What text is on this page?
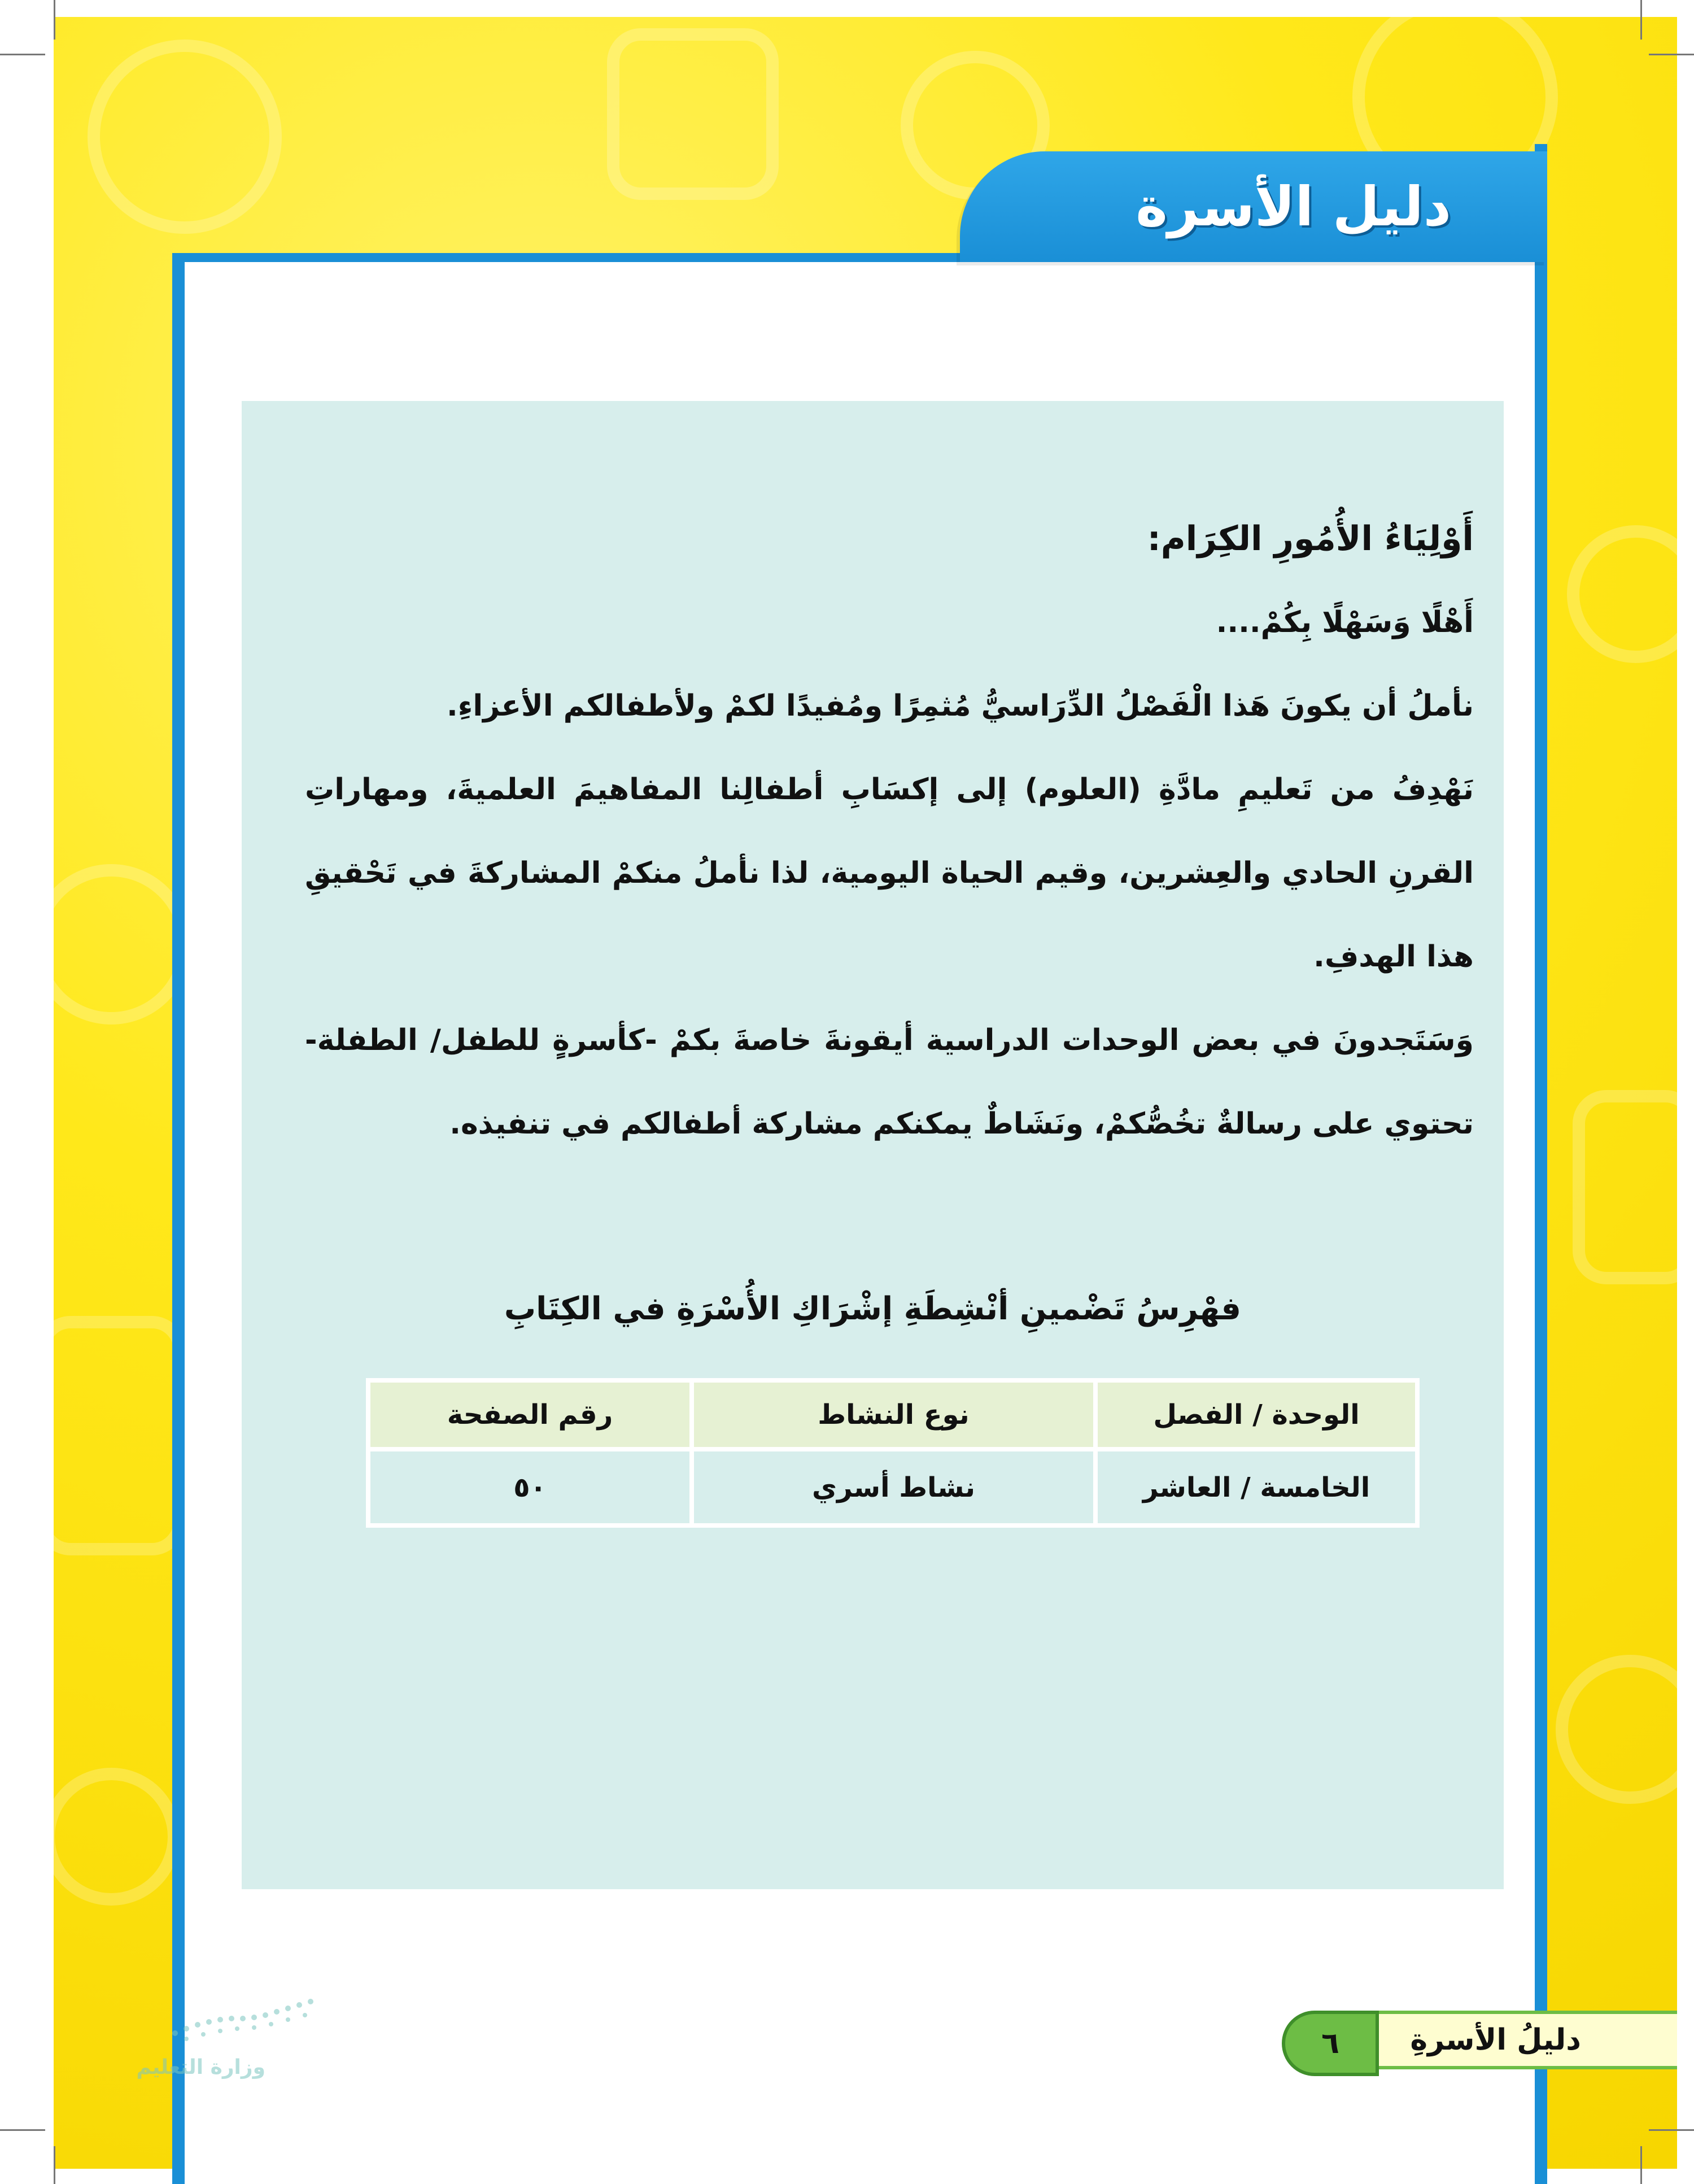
دليل الأسرة

أَوْلِيَاءُ الأُمُورِ الكِرَام:

أَهْلًا وَسَهْلًا بِكُمْ....

نأملُ أن يكونَ هَذا الْفَصْلُ الدِّرَاسيُّ مُثمِرًا ومُفيدًا لكمْ ولأطفالكم الأعزاءِ.

نَهْدِفُ من تَعليمِ مادَّةِ (العلوم) إلى إكسَابِ أطفالِنا المفاهيمَ العلميةَ، ومهاراتِ القرنِ الحادي والعِشرين، وقيم الحياة اليومية، لذا نأملُ منكمْ المشاركةَ في تَحْقيقِ هذا الهدفِ.

وَسَتَجدونَ في بعض الوحدات الدراسية أيقونةَ خاصةَ بكمْ -كأسرةٍ للطفل/ الطفلة- تحتوي على رسالةٌ تخُصُّكمْ، ونَشَاطٌ يمكنكم مشاركة أطفالكم في تنفيذه.

فهْرِسُ تَضْمينِ أنْشِطَةِ إشْرَاكِ الأُسْرَةِ في الكِتَابِ
الوحدة / الفصل	نوع النشاط	رقم الصفحة
الخامسة / العاشر	نشاط أسري	٥٠
دليلُ الأسرةِ
٦
وزارة التعليم
